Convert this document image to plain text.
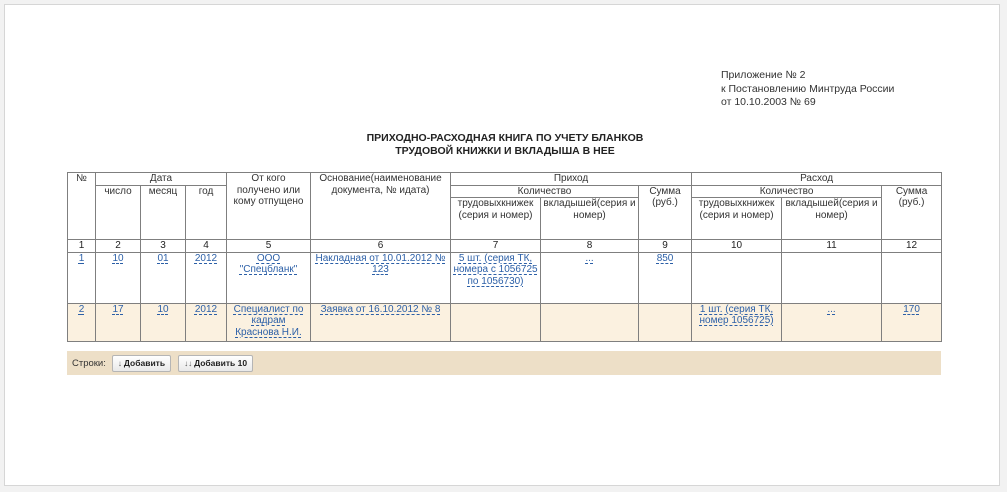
Приложение № 2
к Постановлению Минтруда России
от 10.10.2003 № 69
ПРИХОДНО-РАСХОДНАЯ КНИГА ПО УЧЕТУ БЛАНКОВ
ТРУДОВОЙ КНИЖКИ И ВКЛАДЫША В НЕЕ
№	Дата			От кого получено или кому отпущено	Основание(наименование документа, № идата)	Приход			Расход		
	число	месяц	год			Количество		Сумма (руб.)	Количество		Сумма (руб.)
						трудовыхкнижек (серия и номер)	вкладышей(серия и номер)		трудовыхкнижек (серия и номер)	вкладышей(серия и номер)	
1	2	3	4	5	6	7	8	9	10	11	12
1	10	01	2012	ООО "Спецбланк"	Накладная от 10.01.2012 № 123	5 шт. (серия ТК, номера с 1056725 по 1056730)	...	850			
2	17	10	2012	Специалист по кадрам Краснова Н.И.	Заявка от 16.10.2012 № 8				1 шт. (серия ТК, номер 1056725)	...	170
Строки: ↓ Добавить ↓↓ Добавить 10
